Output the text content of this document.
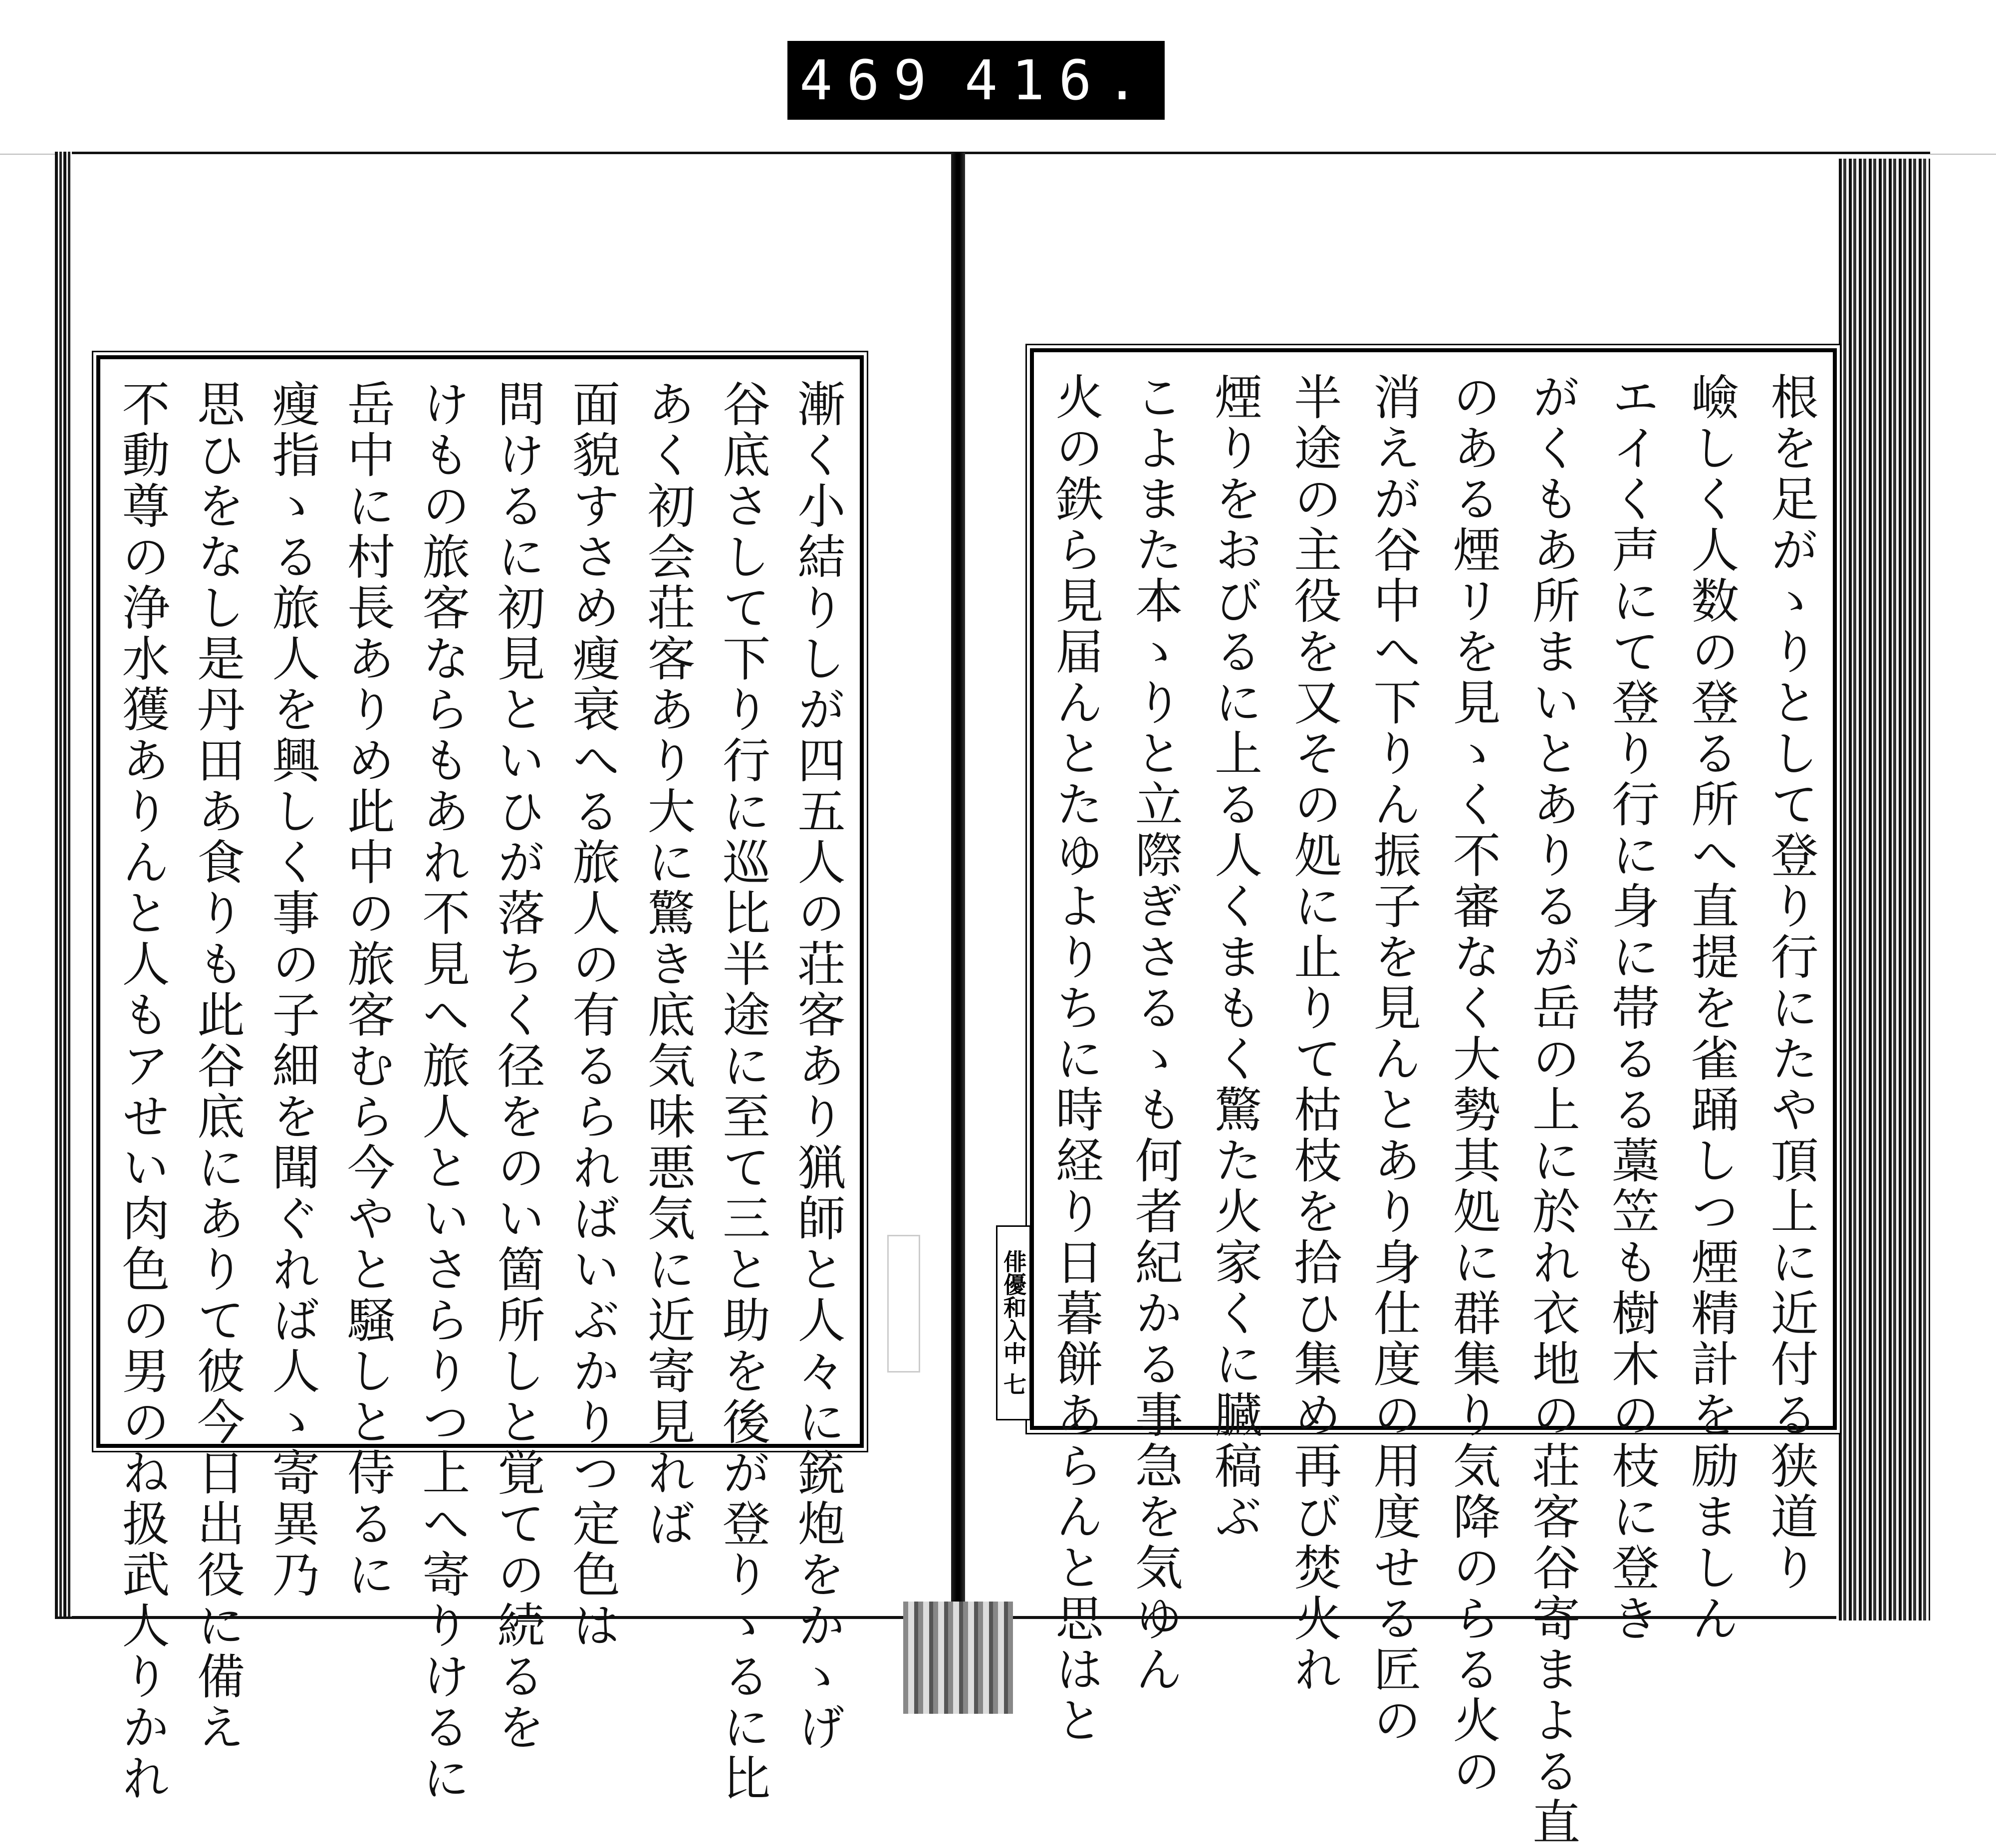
469 416.
漸く小結りしが四五人の荘客あり猟師と人々に銃炮をかゝげ
谷底さして下り行に巡比半途に至て三と助を後が登りゝるに比
あく初会荘客あり大に驚き底気味悪気に近寄見れば
面貌すさめ瘦衰へる旅人の有るらればいぶかりつ定色は
問けるに初見といひが落ちく径をのい箇所しと覚ての続るを
けもの旅客ならもあれ不見へ旅人といさらりつ上へ寄りけるに
岳中に村長ありめ此中の旅客むら今やと騒しと侍るに
瘦指ゝる旅人を興しく事の子細を聞ぐれば人ゝ寄異乃
思ひをなし是丹田あ食りも此谷底にありて彼今日出役に備え
不動尊の浄水獲ありんと人もアせい肉色の男のね扱武人りかれ	根を足がゝりとして登り行にたや頂上に近付る狭道り
嶮しく人数の登る所へ直提を雀踊しつ煙精計を励ましん
エイく声にて登り行に身に帯るる藁笠も樹木の枝に登き
がくもあ所まいとありるが岳の上に於れ衣地の荘客谷寄まよる直
のある煙リを見ゝく不審なく大勢其処に群集り気降のらる火の
消えが谷中へ下りん振子を見んとあり身仕度の用度せる匠の
半途の主役を又その処に止りて枯枝を拾ひ集め再び焚火れ
煙りをおびるに上る人くまもく驚た火家くに臓稿ぶ
こよまた本ゝりと立際ぎさるゝも何者紀かる事急を気ゆん
火の鉄ら見届んとたゆよりちに時経り日暮餅あらんと思はと
俳優和入中 七
